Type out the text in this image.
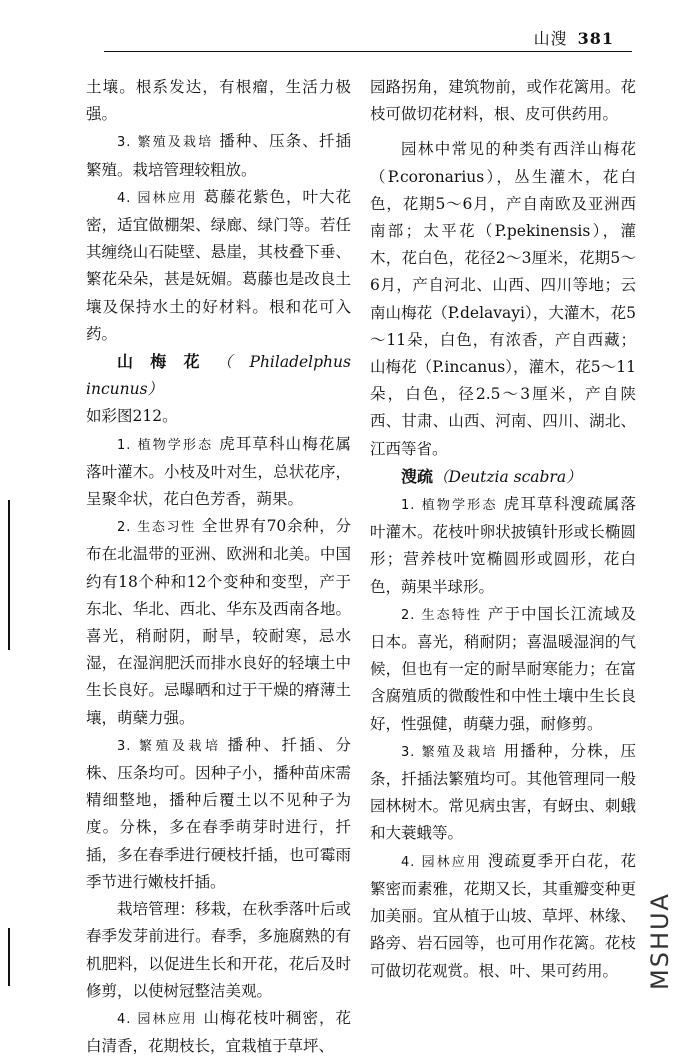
山溲 381

土壤。根系发达，有根瘤，生活力极强。

3. 繁殖及栽培 播种、压条、扦插繁殖。栽培管理较粗放。

4. 园林应用 葛藤花紫色，叶大花密，适宜做棚架、绿廊、绿门等。若任其缠绕山石陡壁、悬崖，其枝叠下垂、繁花朵朵，甚是妩媚。葛藤也是改良土壤及保持水土的好材料。根和花可入药。

山梅花（Philadelphus incunus）

如彩图212。

1. 植物学形态 虎耳草科山梅花属落叶灌木。小枝及叶对生，总状花序，呈聚伞状，花白色芳香，蒴果。

2. 生态习性 全世界有70余种，分布在北温带的亚洲、欧洲和北美。中国约有18个种和12个变种和变型，产于东北、华北、西北、华东及西南各地。喜光，稍耐阴，耐旱，较耐寒，忌水湿，在湿润肥沃而排水良好的轻壤土中生长良好。忌曝晒和过于干燥的瘠薄土壤，萌蘖力强。

3. 繁殖及栽培 播种、扦插、分株、压条均可。因种子小，播种苗床需精细整地，播种后覆土以不见种子为度。分株，多在春季萌芽时进行，扦插，多在春季进行硬枝扦插，也可霉雨季节进行嫩枝扦插。

栽培管理：移栽，在秋季落叶后或春季发芽前进行。春季，多施腐熟的有机肥料，以促进生长和开花，花后及时修剪，以使树冠整洁美观。

4. 园林应用 山梅花枝叶稠密，花白清香，花期枝长，宜栽植于草坪、

园路拐角，建筑物前，或作花篱用。花枝可做切花材料，根、皮可供药用。

园林中常见的种类有西洋山梅花（P.coronarius），丛生灌木，花白色，花期5～6月，产自南欧及亚洲西南部；太平花（P.pekinensis），灌木，花白色，花径2～3厘米，花期5～6月，产自河北、山西、四川等地；云南山梅花（P.delavayi），大灌木，花5～11朵，白色，有浓香，产自西藏；山梅花（P.incanus），灌木，花5～11朵，白色，径2.5～3厘米，产自陕西、甘肃、山西、河南、四川、湖北、江西等省。

溲疏（Deutzia scabra）

1. 植物学形态 虎耳草科溲疏属落叶灌木。花枝叶卵状披镇针形或长椭圆形；营养枝叶宽椭圆形或圆形，花白色，蒴果半球形。

2. 生态特性 产于中国长江流域及日本。喜光，稍耐阴；喜温暖湿润的气候，但也有一定的耐旱耐寒能力；在富含腐殖质的微酸性和中性土壤中生长良好，性强健，萌蘖力强，耐修剪。

3. 繁殖及栽培 用播种，分株，压条，扦插法繁殖均可。其他管理同一般园林树木。常见病虫害，有蚜虫、刺蛾和大蓑蛾等。

4. 园林应用 溲疏夏季开白花，花繁密而素雅，花期又长，其重瓣变种更加美丽。宜从植于山坡、草坪、林缘、路旁、岩石园等，也可用作花篱。花枝可做切花观赏。根、叶、果可药用。	MSHUA
